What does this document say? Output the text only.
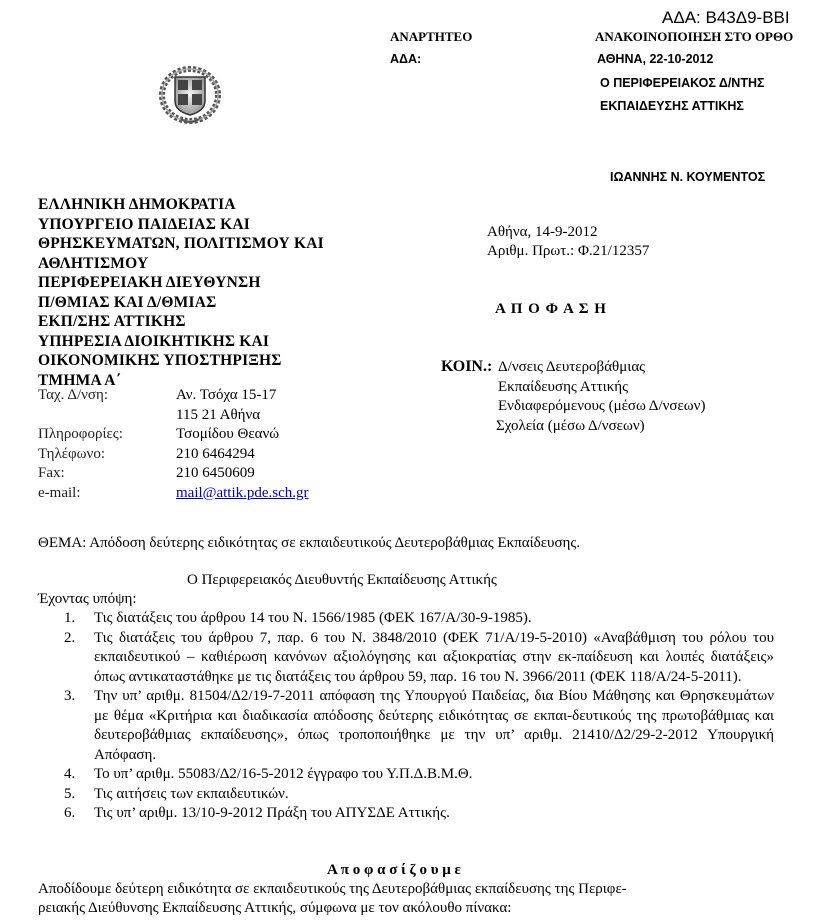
ΑΔΑ: Β43Δ9-ΒΒΙ
ΑΝΑΡΤΗΤΕΟ	ΑΝΑΚΟΙΝΟΠΟΙΗΣΗ ΣΤΟ ΟΡΘΟ
ΑΔΑ:	ΑΘΗΝΑ, 22-10-2012
Ο ΠΕΡΙΦΕΡΕΙΑΚΟΣ Δ/ΝΤΗΣ
ΕΚΠΑΙΔΕΥΣΗΣ ΑΤΤΙΚΗΣ
ΙΩΑΝΝΗΣ Ν. ΚΟΥΜΕΝΤΟΣ
ΕΛΛΗΝΙΚΗ ΔΗΜΟΚΡΑΤΙΑ
ΥΠΟΥΡΓΕΙΟ ΠΑΙΔΕΙΑΣ ΚΑΙ
ΘΡΗΣΚΕΥΜΑΤΩΝ, ΠΟΛΙΤΙΣΜΟΥ ΚΑΙ
ΑΘΛΗΤΙΣΜΟΥ
ΠΕΡΙΦΕΡΕΙΑΚΗ ΔΙΕΥΘΥΝΣΗ
Π/ΘΜΙΑΣ ΚΑΙ Δ/ΘΜΙΑΣ
ΕΚΠ/ΣΗΣ ΑΤΤΙΚΗΣ
ΥΠΗΡΕΣΙΑ ΔΙΟΙΚΗΤΙΚΗΣ ΚΑΙ
ΟΙΚΟΝΟΜΙΚΗΣ ΥΠΟΣΤΗΡΙΞΗΣ
ΤΜΗΜΑ Α΄
Ταχ. Δ/νση:	Αν. Τσόχα 15-17
115 21 Αθήνα
Πληροφορίες:	Τσομίδου Θεανώ
Τηλέφωνο:	210 6464294
Fax:	210 6450609
e-mail:	mail@attik.pde.sch.gr
Αθήνα, 14-9-2012
Αριθμ. Πρωτ.: Φ.21/12357
Α Π Ο Φ Α Σ Η
ΚΟΙΝ.: Δ/νσεις Δευτεροβάθμιας
Εκπαίδευσης Αττικής
Ενδιαφερόμενους (μέσω Δ/νσεων)
Σχολεία (μέσω Δ/νσεων)
ΘΕΜΑ: Απόδοση δεύτερης ειδικότητας σε εκπαιδευτικούς Δευτεροβάθμιας Εκπαίδευσης.
Ο Περιφερειακός Διευθυντής Εκπαίδευσης Αττικής
Έχοντας υπόψη:
1.	Τις διατάξεις του άρθρου 14 του Ν. 1566/1985 (ΦΕΚ 167/Α/30-9-1985).
2.	Τις διατάξεις του άρθρου 7, παρ. 6 του Ν. 3848/2010 (ΦΕΚ 71/Α/19-5-2010) «Αναβάθμιση του ρόλου του εκπαιδευτικού – καθιέρωση κανόνων αξιολόγησης και αξιοκρατίας στην εκ-παίδευση και λοιπές διατάξεις» όπως αντικαταστάθηκε με τις διατάξεις του άρθρου 59, παρ. 16 του Ν. 3966/2011 (ΦΕΚ 118/Α/24-5-2011).
3.	Την υπ’ αριθμ. 81504/Δ2/19-7-2011 απόφαση της Υπουργού Παιδείας, δια Βίου Μάθησης και Θρησκευμάτων με θέμα «Κριτήρια και διαδικασία απόδοσης δεύτερης ειδικότητας σε εκπαι-δευτικούς της πρωτοβάθμιας και δευτεροβάθμιας εκπαίδευσης», όπως τροποποιήθηκε με την υπ’ αριθμ. 21410/Δ2/29-2-2012 Υπουργική Απόφαση.
4.	Το υπ’ αριθμ. 55083/Δ2/16-5-2012 έγγραφο του Υ.Π.Δ.Β.Μ.Θ.
5.	Τις αιτήσεις των εκπαιδευτικών.
6.	Τις υπ’ αριθμ. 13/10-9-2012 Πράξη του ΑΠΥΣΔΕ Αττικής.
Α π ο φ α σ ί ζ ο υ μ ε
Αποδίδουμε δεύτερη ειδικότητα σε εκπαιδευτικούς της Δευτεροβάθμιας εκπαίδευσης της Περιφε-
ρειακής Διεύθυνσης Εκπαίδευσης Αττικής, σύμφωνα με τον ακόλουθο πίνακα:
